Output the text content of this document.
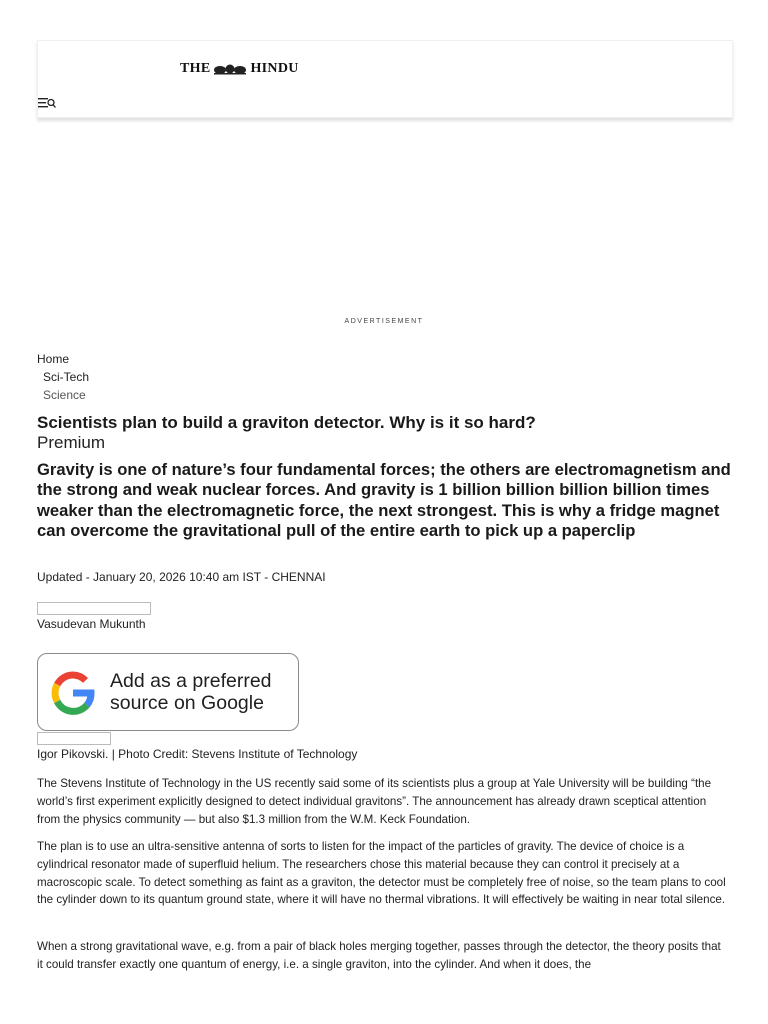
THE	HINDU
ADVERTISEMENT
Home
Sci-Tech
Science
Scientists plan to build a graviton detector. Why is it so hard?
Premium
Gravity is one of nature’s four fundamental forces; the others are electromagnetism and the strong and weak nuclear forces. And gravity is 1 billion billion billion billion times weaker than the electromagnetic force, the next strongest. This is why a fridge magnet can overcome the gravitational pull of the entire earth to pick up a paperclip
Updated - January 20, 2026 10:40 am IST - CHENNAI
Vasudevan Mukunth
Add as a preferred
source on Google
Igor Pikovski. | Photo Credit: Stevens Institute of Technology

The Stevens Institute of Technology in the US recently said some of its scientists plus a group at Yale University will be building “the world’s first experiment explicitly designed to detect individual gravitons”. The announcement has already drawn sceptical attention from the physics community — but also $1.3 million from the W.M. Keck Foundation.

The plan is to use an ultra-sensitive antenna of sorts to listen for the impact of the particles of gravity. The device of choice is a cylindrical resonator made of superfluid helium. The researchers chose this material because they can control it precisely at a macroscopic scale. To detect something as faint as a graviton, the detector must be completely free of noise, so the team plans to cool the cylinder down to its quantum ground state, where it will have no thermal vibrations. It will effectively be waiting in near total silence.

When a strong gravitational wave, e.g. from a pair of black holes merging together, passes through the detector, the theory posits that it could transfer exactly one quantum of energy, i.e. a single graviton, into the cylinder. And when it does, the
